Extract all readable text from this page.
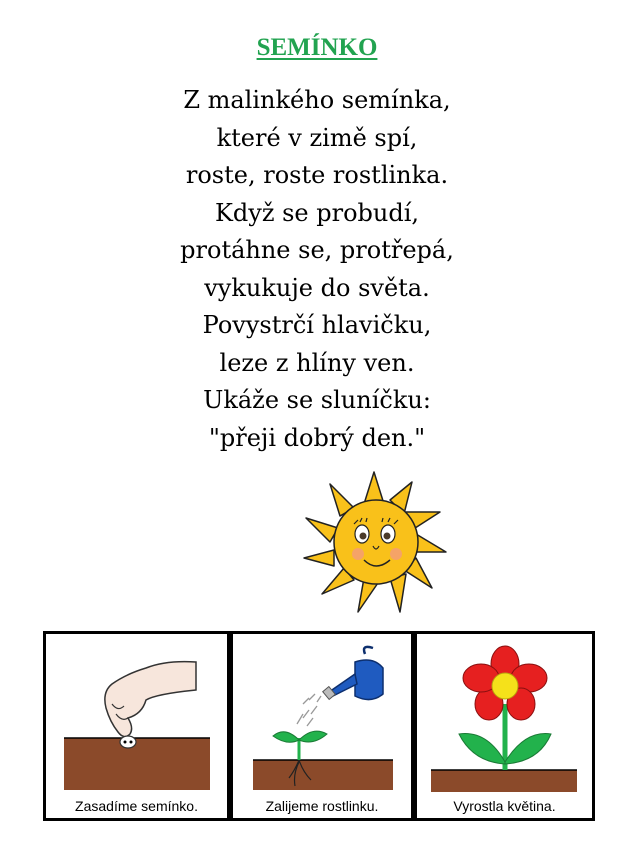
SEMÍNKO
Z malinkého semínka,
které v zimě spí,
roste, roste rostlinka.
Když se probudí,
protáhne se, protřepá,
vykukuje do světa.
Povystrčí hlavičku,
leze z hlíny ven.
Ukáže se sluníčku:
"přeji dobrý den."
Zasadíme semínko.	Zalijeme rostlinku.	Vyrostla květina.
